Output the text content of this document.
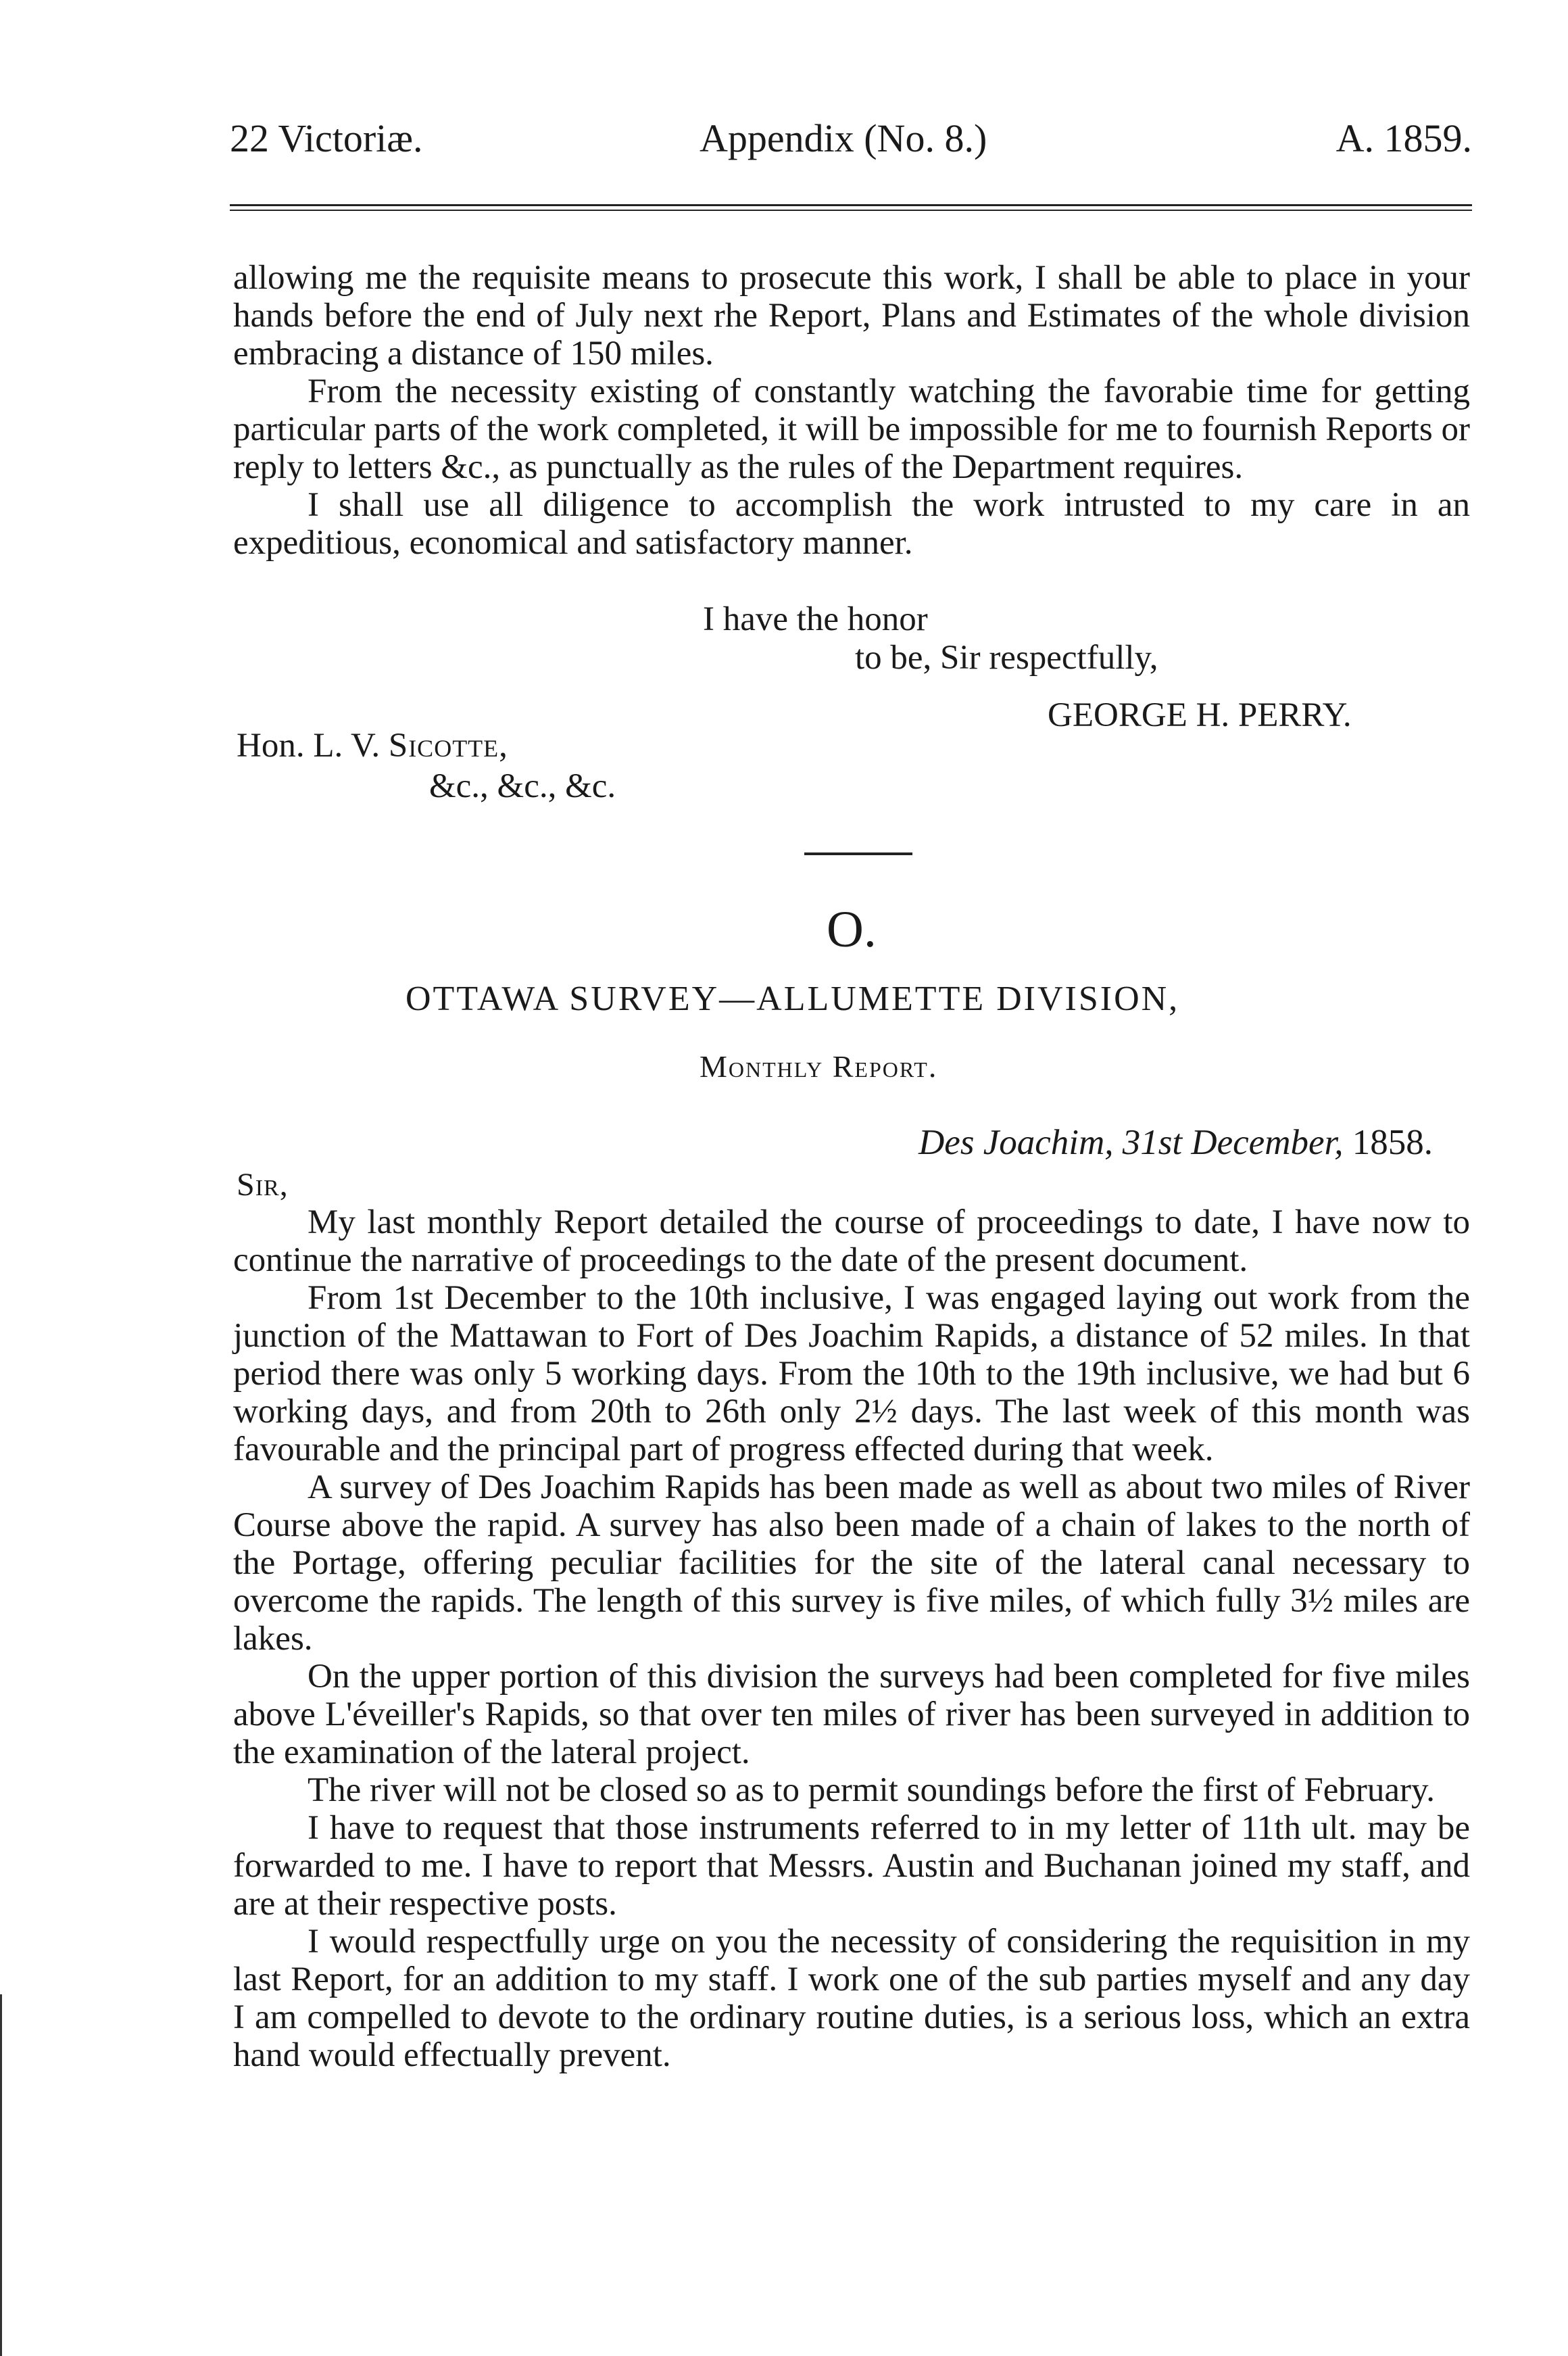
22 Victoriæ.	Appendix (No. 8.)	A. 1859.

allowing me the requisite means to prosecute this work, I shall be able to place in your hands before the end of July next rhe Report, Plans and Estimates of the whole division embracing a distance of 150 miles.

From the necessity existing of constantly watching the favorabie time for getting particular parts of the work completed, it will be impossible for me to fournish Reports or reply to letters &c., as punctually as the rules of the Department requires.

I shall use all diligence to accomplish the work intrusted to my care in an expeditious, economical and satisfactory manner.

I have the honor
to be, Sir respectfully,
GEORGE H. PERRY.
Hon. L. V. Sicotte,
&c., &c., &c.
O.
OTTAWA SURVEY—ALLUMETTE DIVISION,
Monthly Report.
Des Joachim, 31st December, 1858.
Sir,

My last monthly Report detailed the course of proceedings to date, I have now to continue the narrative of proceedings to the date of the present document.

From 1st December to the 10th inclusive, I was engaged laying out work from the junction of the Mattawan to Fort of Des Joachim Rapids, a distance of 52 miles. In that period there was only 5 working days. From the 10th to the 19th inclusive, we had but 6 working days, and from 20th to 26th only 2½ days. The last week of this month was favourable and the principal part of progress effected during that week.

A survey of Des Joachim Rapids has been made as well as about two miles of River Course above the rapid. A survey has also been made of a chain of lakes to the north of the Portage, offering peculiar facilities for the site of the lateral canal necessary to overcome the rapids. The length of this survey is five miles, of which fully 3½ miles are lakes.

On the upper portion of this division the surveys had been completed for five miles above L'éveiller's Rapids, so that over ten miles of river has been surveyed in addition to the examination of the lateral project.

The river will not be closed so as to permit soundings before the first of February.

I have to request that those instruments referred to in my letter of 11th ult. may be forwarded to me. I have to report that Messrs. Austin and Buchanan joined my staff, and are at their respective posts.

I would respectfully urge on you the necessity of considering the requisition in my last Report, for an addition to my staff. I work one of the sub parties myself and any day I am compelled to devote to the ordinary routine duties, is a serious loss, which an extra hand would effectually prevent.
